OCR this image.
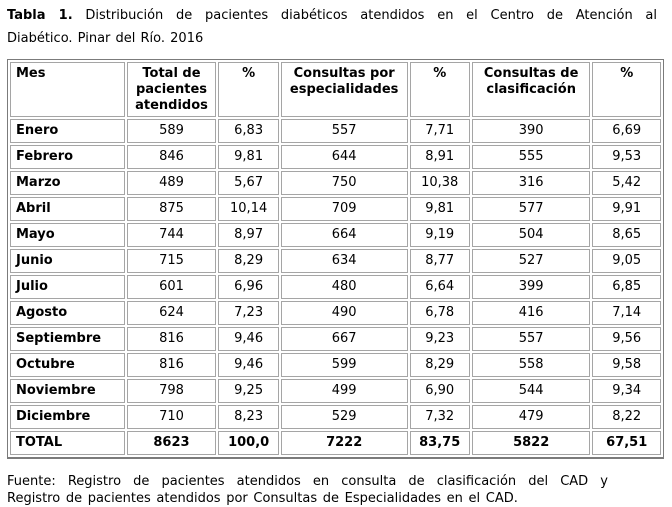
Tabla 1. Distribución de pacientes diabéticos atendidos en el Centro de Atención al
Diabético. Pinar del Río. 2016
Mes	Total de pacientes atendidos	%	Consultas por especialidades	%	Consultas de clasificación	%
Enero	589	6,83	557	7,71	390	6,69
Febrero	846	9,81	644	8,91	555	9,53
Marzo	489	5,67	750	10,38	316	5,42
Abril	875	10,14	709	9,81	577	9,91
Mayo	744	8,97	664	9,19	504	8,65
Junio	715	8,29	634	8,77	527	9,05
Julio	601	6,96	480	6,64	399	6,85
Agosto	624	7,23	490	6,78	416	7,14
Septiembre	816	9,46	667	9,23	557	9,56
Octubre	816	9,46	599	8,29	558	9,58
Noviembre	798	9,25	499	6,90	544	9,34
Diciembre	710	8,23	529	7,32	479	8,22
TOTAL	8623	100,0	7222	83,75	5822	67,51
Fuente: Registro de pacientes atendidos en consulta de clasificación del CAD y
Registro de pacientes atendidos por Consultas de Especialidades en el CAD.
